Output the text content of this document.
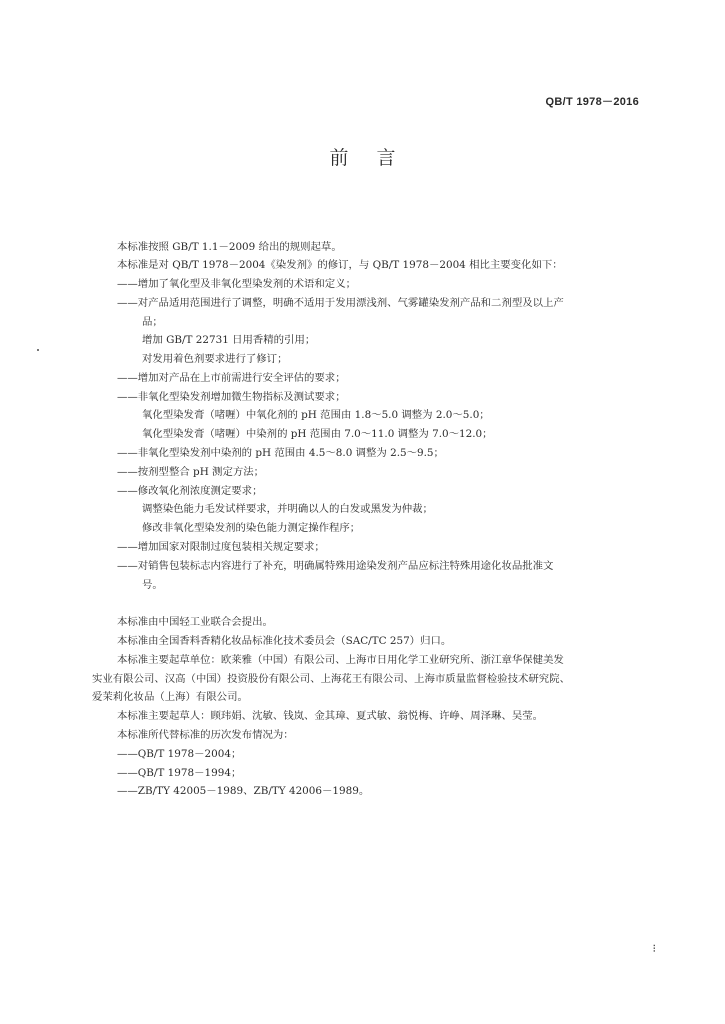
QB/T 1978－2016
前言
本标准按照 GB/T 1.1－2009 给出的规则起草。
本标准是对 QB/T 1978－2004《染发剂》的修订，与 QB/T 1978－2004 相比主要变化如下：
——增加了氧化型及非氧化型染发剂的术语和定义；
——对产品适用范围进行了调整，明确不适用于发用漂浅剂、气雾罐染发剂产品和二剂型及以上产
品；
增加 GB/T 22731 日用香精的引用；
对发用着色剂要求进行了修订；
——增加对产品在上市前需进行安全评估的要求；
——非氧化型染发剂增加微生物指标及测试要求；
氧化型染发膏（啫喱）中氧化剂的 pH 范围由 1.8～5.0 调整为 2.0～5.0；
氧化型染发膏（啫喱）中染剂的 pH 范围由 7.0～11.0 调整为 7.0～12.0；
——非氧化型染发剂中染剂的 pH 范围由 4.5～8.0 调整为 2.5～9.5；
——按剂型整合 pH 测定方法；
——修改氧化剂浓度测定要求；
调整染色能力毛发试样要求，并明确以人的白发或黑发为仲裁；
修改非氧化型染发剂的染色能力测定操作程序；
——增加国家对限制过度包装相关规定要求；
——对销售包装标志内容进行了补充，明确属特殊用途染发剂产品应标注特殊用途化妆品批准文
号。
本标准由中国轻工业联合会提出。
本标准由全国香料香精化妆品标准化技术委员会（SAC/TC 257）归口。
本标准主要起草单位：欧莱雅（中国）有限公司、上海市日用化学工业研究所、浙江章华保健美发
实业有限公司、汉高（中国）投资股份有限公司、上海花王有限公司、上海市质量监督检验技术研究院、
爱茉莉化妆品（上海）有限公司。
本标准主要起草人：顾玮娟、沈敏、钱岚、金其璋、夏式敏、翁悦梅、许峥、周泽琳、吴莹。
本标准所代替标准的历次发布情况为：
——QB/T 1978－2004；
——QB/T 1978－1994；
——ZB/TY 42005－1989、ZB/TY 42006－1989。
⁝
